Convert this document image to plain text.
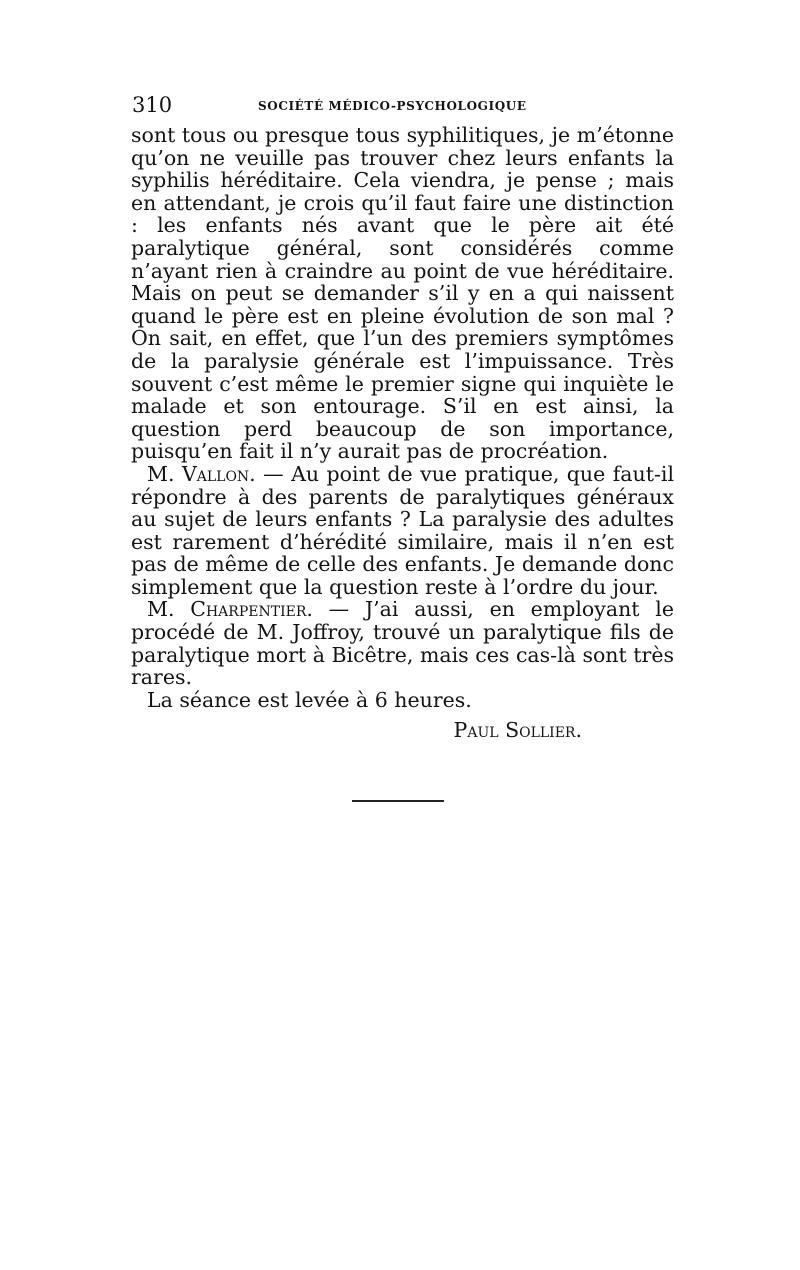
310	SOCIÉTÉ MÉDICO-PSYCHOLOGIQUE

sont tous ou presque tous syphilitiques, je m’étonne qu’on ne veuille pas trouver chez leurs enfants la syphilis héréditaire. Cela viendra, je pense ; mais en attendant, je crois qu’il faut faire une distinction : les enfants nés avant que le père ait été paralytique général, sont considérés comme n’ayant rien à craindre au point de vue héréditaire. Mais on peut se demander s’il y en a qui naissent quand le père est en pleine évolution de son mal ? On sait, en effet, que l’un des premiers symptômes de la paralysie générale est l’impuissance. Très souvent c’est même le premier signe qui inquiète le malade et son entourage. S’il en est ainsi, la question perd beaucoup de son importance, puisqu’en fait il n’y aurait pas de procréation.

M. Vallon. — Au point de vue pratique, que faut-il répondre à des parents de paralytiques généraux au sujet de leurs enfants ? La paralysie des adultes est rarement d’hérédité similaire, mais il n’en est pas de même de celle des enfants. Je demande donc simplement que la question reste à l’ordre du jour.

M. Charpentier. — J’ai aussi, en employant le procédé de M. Joffroy, trouvé un paralytique fils de paralytique mort à Bicêtre, mais ces cas-là sont très rares.

La séance est levée à 6 heures.

Paul Sollier.
